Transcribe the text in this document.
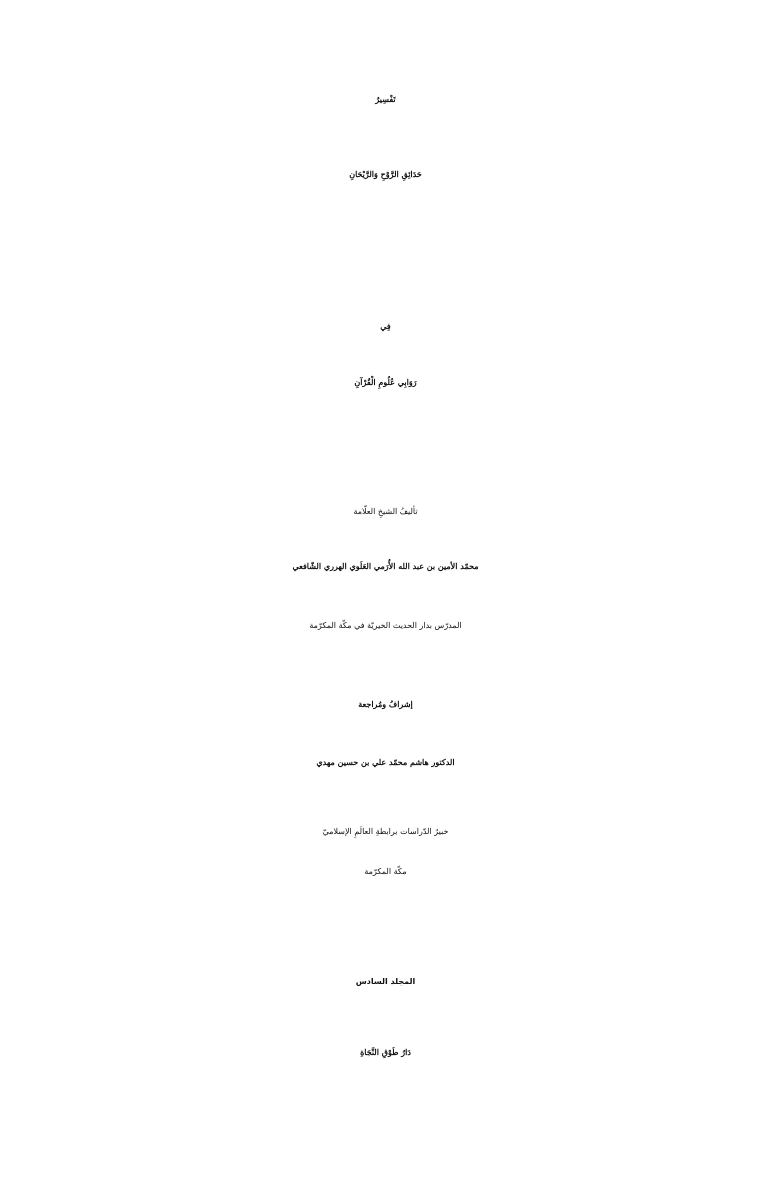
تَفْسِيرُ
حَدَائِقِ الرَّوْحِ وَالرَّيْحَانِ
فِي
رَوَابِي عُلُومِ الْقُرْآنِ
تأليفُ الشيخِ العلّامة
محمّد الأمين بن عبد الله الأُرَمي العَلَوي الهرري الشّافعي
المدرّس بدار الحديث الخيريّة في مكّة المكرّمة
إشرافُ ومُراجعة
الدكتور هاشم محمّد علي بن حسين مهدي
خبيرُ الدّراسات برابطةِ العالَمِ الإسلاميّ
مكّة المكرّمة
المجلد السادس
دَارُ طَوْقِ النَّجَاةِ
